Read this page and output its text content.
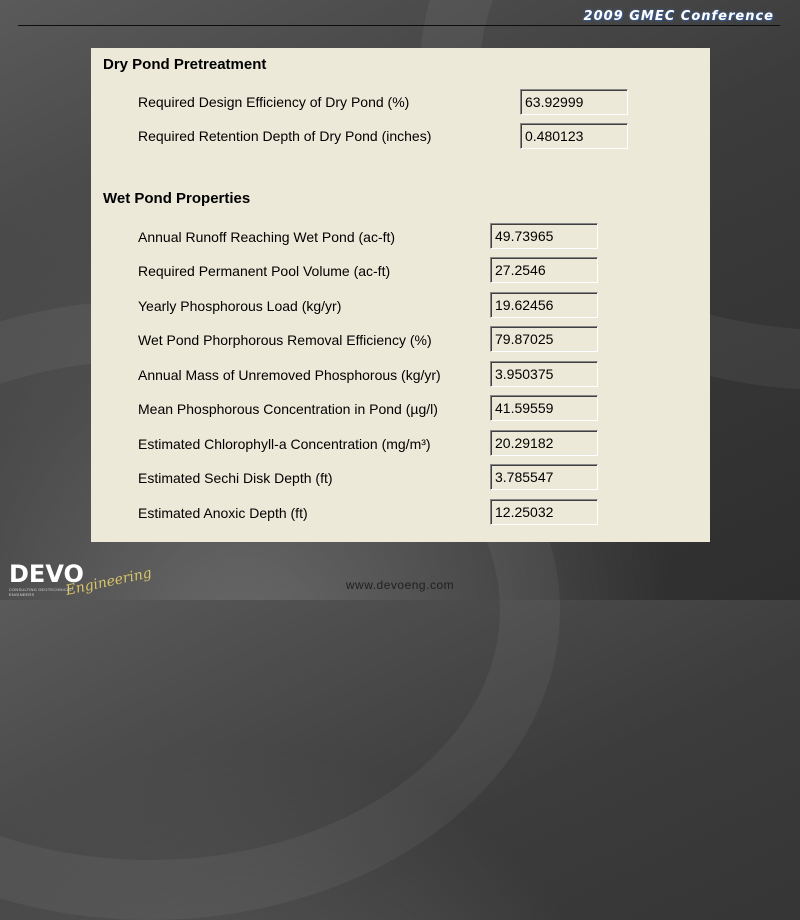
2009 GMEC Conference
Dry Pond Pretreatment
Required Design Efficiency of Dry Pond (%)	63.92999
Required Retention Depth of Dry Pond (inches)	0.480123
Wet Pond Properties
Annual Runoff Reaching Wet Pond (ac-ft)	49.73965
Required Permanent Pool Volume (ac-ft)	27.2546
Yearly Phosphorous Load (kg/yr)	19.62456
Wet Pond Phorphorous Removal Efficiency (%)	79.87025
Annual Mass of Unremoved Phosphorous (kg/yr)	3.950375
Mean Phosphorous Concentration in Pond (µg/l)	41.59559
Estimated Chlorophyll-a Concentration (mg/m³)	20.29182
Estimated Sechi Disk Depth (ft)	3.785547
Estimated Anoxic Depth (ft)	12.25032
DEVO
Engineering
CONSULTING GEOTECHNICAL ENGINEERS
www.devoeng.com
